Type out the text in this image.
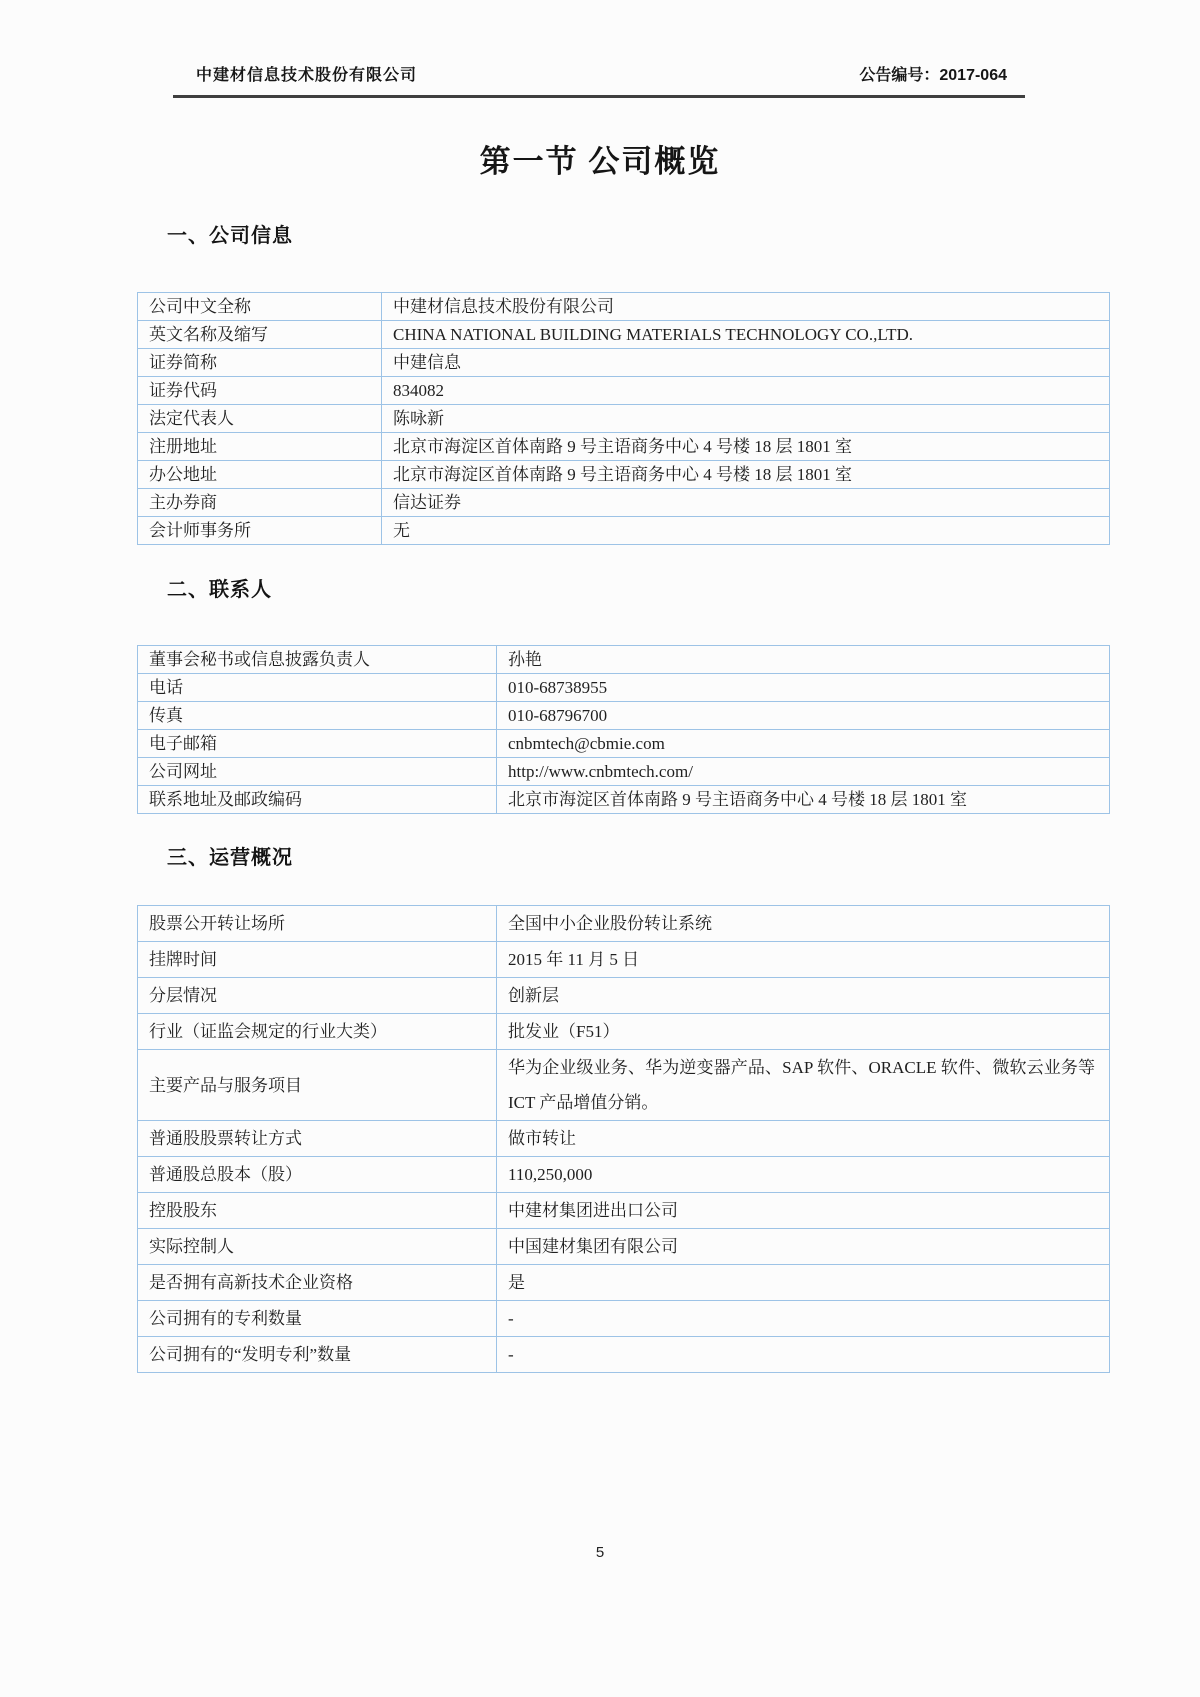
中建材信息技术股份有限公司	公告编号：2017-064
第一节 公司概览
一、公司信息
公司中文全称	中建材信息技术股份有限公司
英文名称及缩写	CHINA NATIONAL BUILDING MATERIALS TECHNOLOGY CO.,LTD.
证券简称	中建信息
证券代码	834082
法定代表人	陈咏新
注册地址	北京市海淀区首体南路 9 号主语商务中心 4 号楼 18 层 1801 室
办公地址	北京市海淀区首体南路 9 号主语商务中心 4 号楼 18 层 1801 室
主办券商	信达证券
会计师事务所	无
二、联系人
董事会秘书或信息披露负责人	孙艳
电话	010-68738955
传真	010-68796700
电子邮箱	cnbmtech@cbmie.com
公司网址	http://www.cnbmtech.com/
联系地址及邮政编码	北京市海淀区首体南路 9 号主语商务中心 4 号楼 18 层 1801 室
三、运营概况
股票公开转让场所	全国中小企业股份转让系统
挂牌时间	2015 年 11 月 5 日
分层情况	创新层
行业（证监会规定的行业大类）	批发业（F51）
主要产品与服务项目	华为企业级业务、华为逆变器产品、SAP 软件、ORACLE 软件、微软云业务等 ICT 产品增值分销。
普通股股票转让方式	做市转让
普通股总股本（股）	110,250,000
控股股东	中建材集团进出口公司
实际控制人	中国建材集团有限公司
是否拥有高新技术企业资格	是
公司拥有的专利数量	-
公司拥有的“发明专利”数量	-
5
